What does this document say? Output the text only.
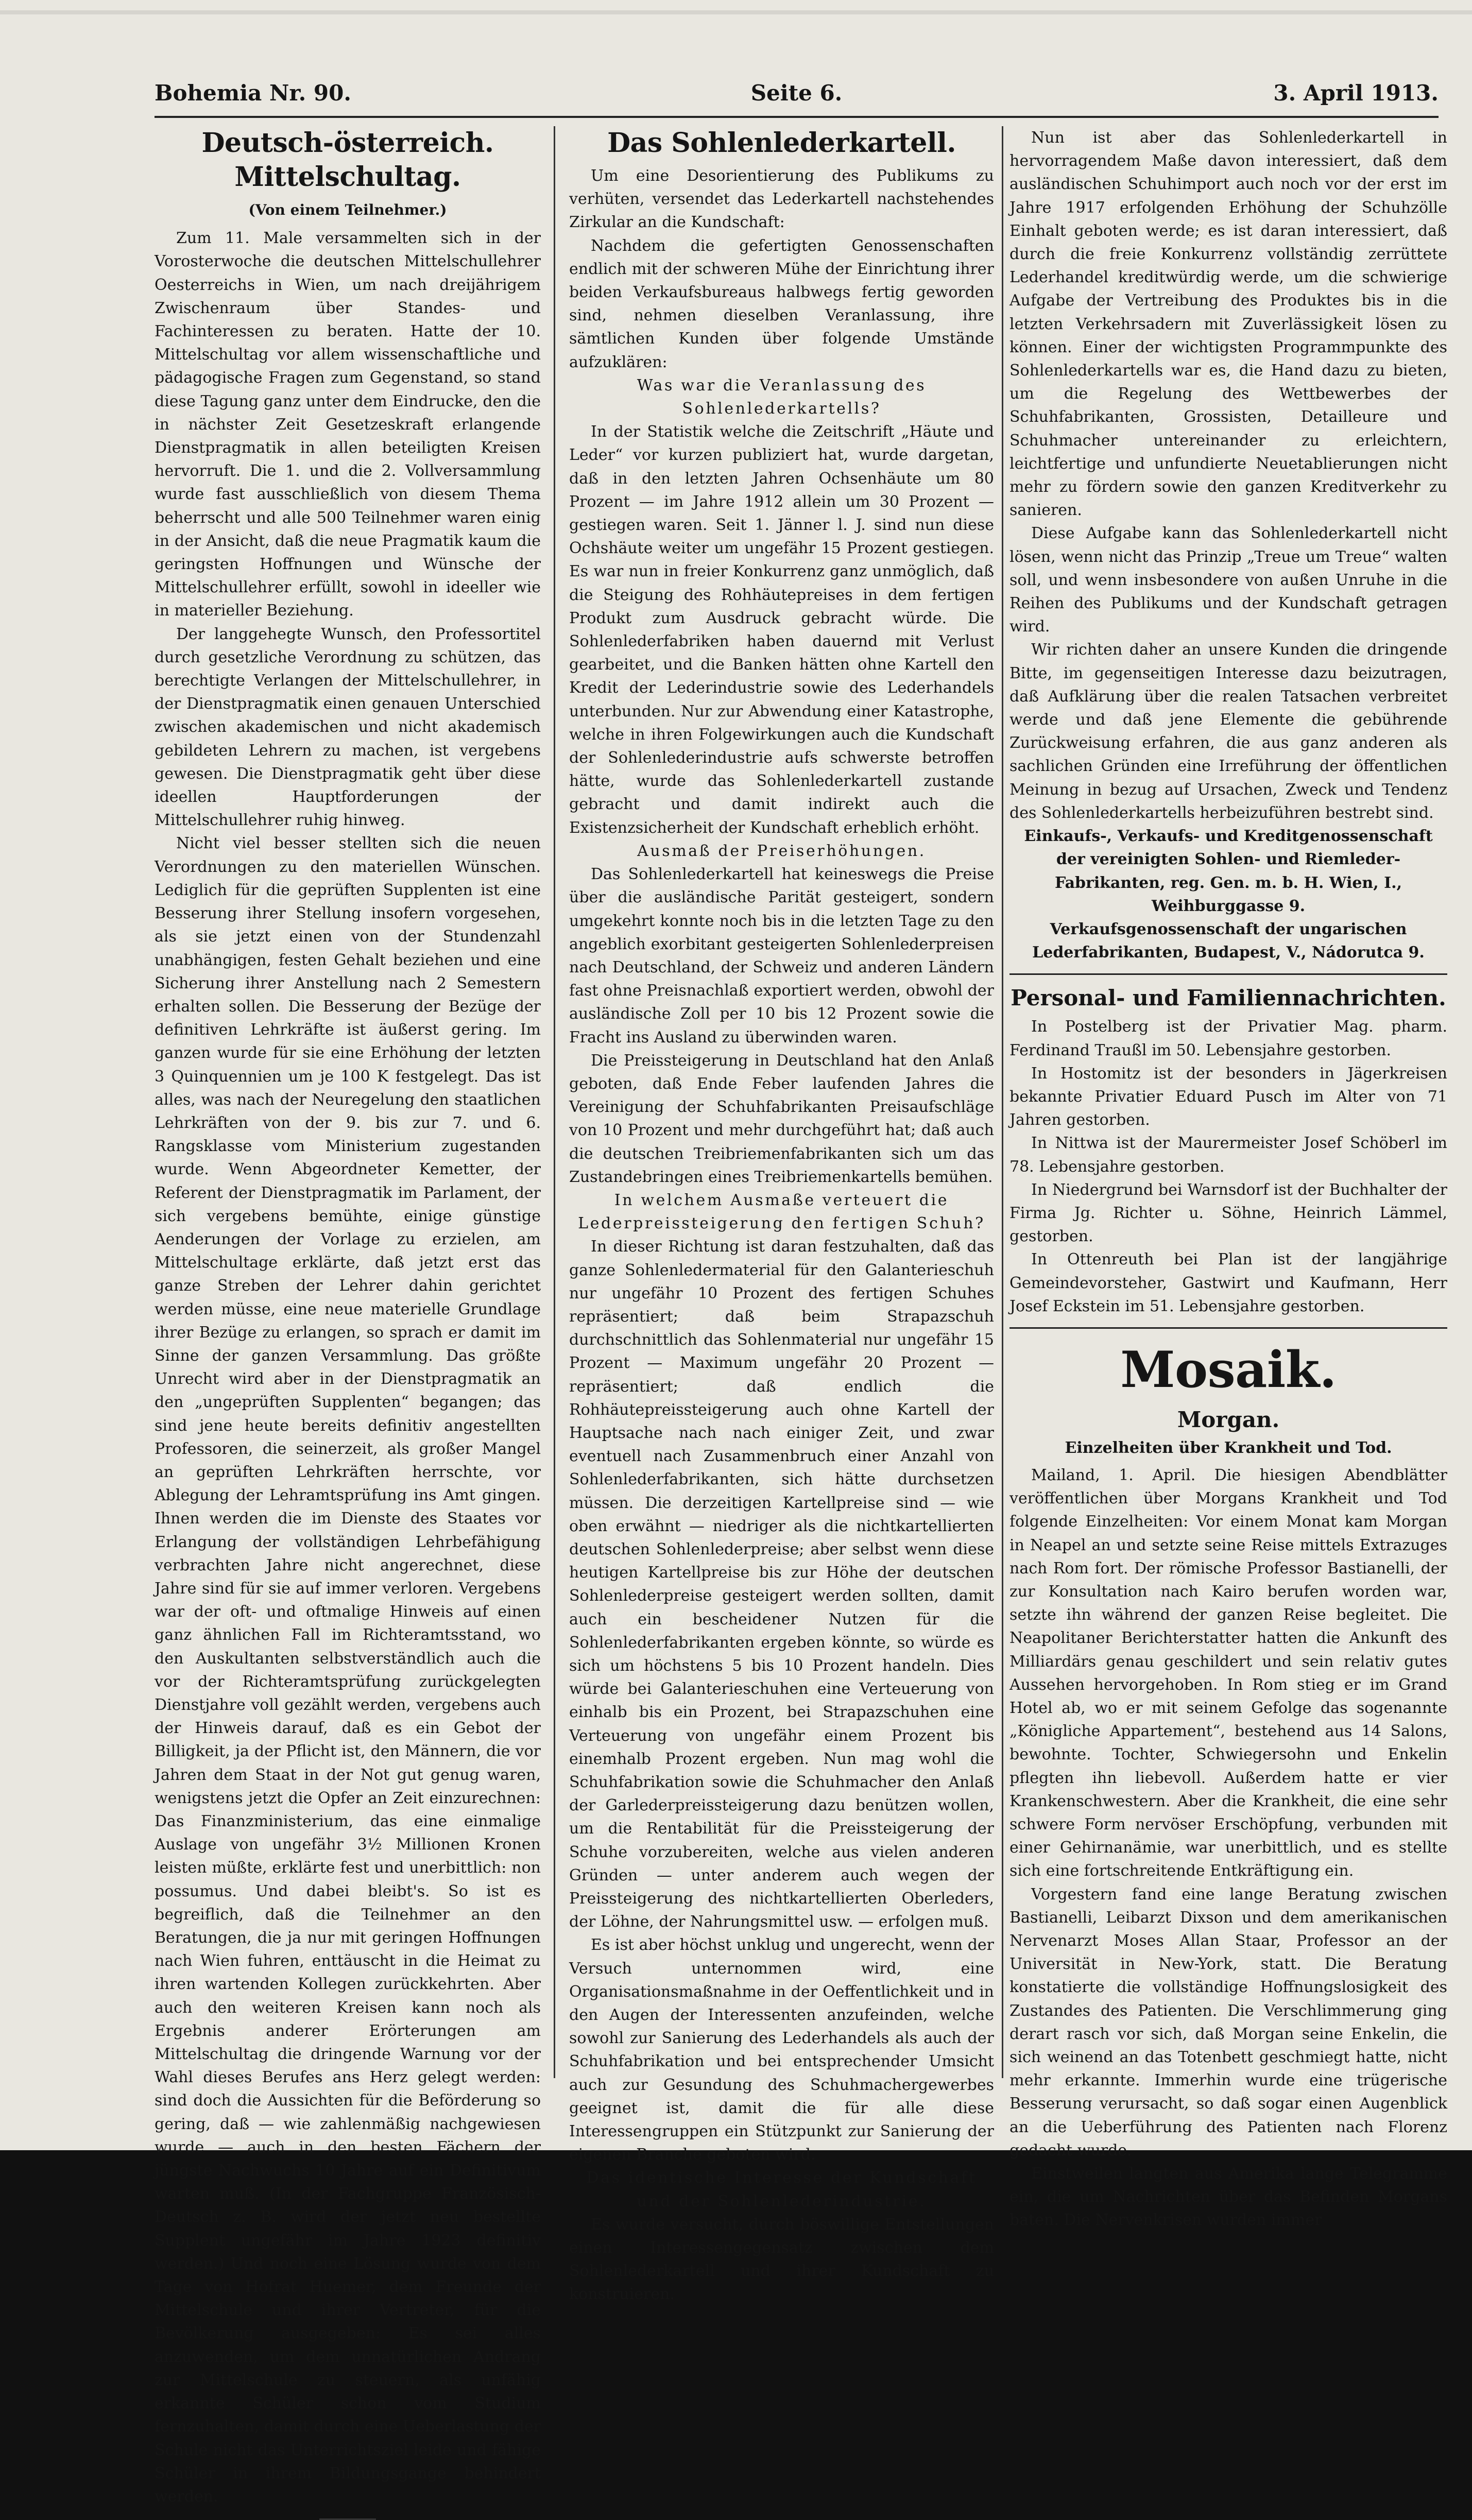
Bohemia Nr. 90.	Seite 6.	3. April 1913.
Deutsch-österreich. Mittelschultag.
(Von einem Teilnehmer.)

Zum 11. Male versammelten sich in der Vorosterwoche die deutschen Mittelschullehrer Oesterreichs in Wien, um nach dreijährigem Zwischenraum über Standes- und Fachinteressen zu beraten. Hatte der 10. Mittelschultag vor allem wissenschaftliche und pädagogische Fragen zum Gegenstand, so stand diese Tagung ganz unter dem Eindrucke, den die in nächster Zeit Gesetzeskraft erlangende Dienstpragmatik in allen beteiligten Kreisen hervorruft. Die 1. und die 2. Vollversammlung wurde fast ausschließlich von diesem Thema beherrscht und alle 500 Teilnehmer waren einig in der Ansicht, daß die neue Pragmatik kaum die geringsten Hoffnungen und Wünsche der Mittelschullehrer erfüllt, sowohl in ideeller wie in materieller Beziehung.

Der langgehegte Wunsch, den Professortitel durch gesetzliche Verordnung zu schützen, das berechtigte Verlangen der Mittelschullehrer, in der Dienstpragmatik einen genauen Unterschied zwischen akademischen und nicht akademisch gebildeten Lehrern zu machen, ist vergebens gewesen. Die Dienstpragmatik geht über diese ideellen Hauptforderungen der Mittelschullehrer ruhig hinweg.

Nicht viel besser stellten sich die neuen Verordnungen zu den materiellen Wünschen. Lediglich für die geprüften Supplenten ist eine Besserung ihrer Stellung insofern vorgesehen, als sie jetzt einen von der Stundenzahl unabhängigen, festen Gehalt beziehen und eine Sicherung ihrer Anstellung nach 2 Semestern erhalten sollen. Die Besserung der Bezüge der definitiven Lehrkräfte ist äußerst gering. Im ganzen wurde für sie eine Erhöhung der letzten 3 Quinquennien um je 100 K festgelegt. Das ist alles, was nach der Neuregelung den staatlichen Lehrkräften von der 9. bis zur 7. und 6. Rangsklasse vom Ministerium zugestanden wurde. Wenn Abgeordneter Kemetter, der Referent der Dienstpragmatik im Parlament, der sich vergebens bemühte, einige günstige Aenderungen der Vorlage zu erzielen, am Mittelschultage erklärte, daß jetzt erst das ganze Streben der Lehrer dahin gerichtet werden müsse, eine neue materielle Grundlage ihrer Bezüge zu erlangen, so sprach er damit im Sinne der ganzen Versammlung. Das größte Unrecht wird aber in der Dienstpragmatik an den „ungeprüften Supplenten“ begangen; das sind jene heute bereits definitiv angestellten Professoren, die seinerzeit, als großer Mangel an geprüften Lehrkräften herrschte, vor Ablegung der Lehramtsprüfung ins Amt gingen. Ihnen werden die im Dienste des Staates vor Erlangung der vollständigen Lehrbefähigung verbrachten Jahre nicht angerechnet, diese Jahre sind für sie auf immer verloren. Vergebens war der oft- und oftmalige Hinweis auf einen ganz ähnlichen Fall im Richteramtsstand, wo den Auskultanten selbstverständlich auch die vor der Richteramtsprüfung zurückgelegten Dienstjahre voll gezählt werden, vergebens auch der Hinweis darauf, daß es ein Gebot der Billigkeit, ja der Pflicht ist, den Männern, die vor Jahren dem Staat in der Not gut genug waren, wenigstens jetzt die Opfer an Zeit einzurechnen: Das Finanzministerium, das eine einmalige Auslage von ungefähr 3½ Millionen Kronen leisten müßte, erklärte fest und unerbittlich: non possumus. Und dabei bleibt's. So ist es begreiflich, daß die Teilnehmer an den Beratungen, die ja nur mit geringen Hoffnungen nach Wien fuhren, enttäuscht in die Heimat zu ihren wartenden Kollegen zurückkehrten. Aber auch den weiteren Kreisen kann noch als Ergebnis anderer Erörterungen am Mittelschultag die dringende Warnung vor der Wahl dieses Berufes ans Herz gelegt werden: sind doch die Aussichten für die Beförderung so gering, daß — wie zahlenmäßig nachgewiesen wurde — auch in den besten Fächern der jüngste Nachwuchs 10 Jahre auf ein Definitivum warten muß. (In der Fachgruppe Französisch-Deutsch z. B. wird der jetzt neu bestellte Supplent ungefähr im Jahre 1923 definitiv werden.) Und noch eine Lösung wurde von dem Tage von Hofrat Huemer, dem Freunde der Mittelschule und ihrer Vertreter, für die Bevölkerung ausgegeben: Es sei alles anzuwenden, um dem unnatürlichen Andrang zur Mittelschule zu steuern, als unfähig erkannte Schüler schon vom Studium fernzuhalten, damit durch eine Ueberlastung der Schule nicht das Unterrichtsziel leide und fähige Schüler in ihrem Bildungsgange behindert werden.

Das Sohlenlederkartell.

Um eine Desorientierung des Publikums zu verhüten, versendet das Lederkartell nachstehendes Zirkular an die Kundschaft:

Nachdem die gefertigten Genossenschaften endlich mit der schweren Mühe der Einrichtung ihrer beiden Verkaufsbureaus halbwegs fertig geworden sind, nehmen dieselben Veranlassung, ihre sämtlichen Kunden über folgende Umstände aufzuklären:

Was war die Veranlassung des Sohlenlederkartells?

In der Statistik welche die Zeitschrift „Häute und Leder“ vor kurzen publiziert hat, wurde dargetan, daß in den letzten Jahren Ochsenhäute um 80 Prozent — im Jahre 1912 allein um 30 Prozent — gestiegen waren. Seit 1. Jänner l. J. sind nun diese Ochshäute weiter um ungefähr 15 Prozent gestiegen. Es war nun in freier Konkurrenz ganz unmöglich, daß die Steigung des Rohhäutepreises in dem fertigen Produkt zum Ausdruck gebracht würde. Die Sohlenlederfabriken haben dauernd mit Verlust gearbeitet, und die Banken hätten ohne Kartell den Kredit der Lederindustrie sowie des Lederhandels unterbunden. Nur zur Abwendung einer Katastrophe, welche in ihren Folgewirkungen auch die Kundschaft der Sohlenlederindustrie aufs schwerste betroffen hätte, wurde das Sohlenlederkartell zustande gebracht und damit indirekt auch die Existenzsicherheit der Kundschaft erheblich erhöht.

Ausmaß der Preiserhöhungen.

Das Sohlenlederkartell hat keineswegs die Preise über die ausländische Parität gesteigert, sondern umgekehrt konnte noch bis in die letzten Tage zu den angeblich exorbitant gesteigerten Sohlenlederpreisen nach Deutschland, der Schweiz und anderen Ländern fast ohne Preisnachlaß exportiert werden, obwohl der ausländische Zoll per 10 bis 12 Prozent sowie die Fracht ins Ausland zu überwinden waren.

Die Preissteigerung in Deutschland hat den Anlaß geboten, daß Ende Feber laufenden Jahres die Vereinigung der Schuhfabrikanten Preisaufschläge von 10 Prozent und mehr durchgeführt hat; daß auch die deutschen Treibriemenfabrikanten sich um das Zustandebringen eines Treibriemenkartells bemühen.

In welchem Ausmaße verteuert die Lederpreissteigerung den fertigen Schuh?

In dieser Richtung ist daran festzuhalten, daß das ganze Sohlenledermaterial für den Galanterieschuh nur ungefähr 10 Prozent des fertigen Schuhes repräsentiert; daß beim Strapazschuh durchschnittlich das Sohlenmaterial nur ungefähr 15 Prozent — Maximum ungefähr 20 Prozent — repräsentiert; daß endlich die Rohhäutepreissteigerung auch ohne Kartell der Hauptsache nach nach einiger Zeit, und zwar eventuell nach Zusammenbruch einer Anzahl von Sohlenlederfabrikanten, sich hätte durchsetzen müssen. Die derzeitigen Kartellpreise sind — wie oben erwähnt — niedriger als die nichtkartellierten deutschen Sohlenlederpreise; aber selbst wenn diese heutigen Kartellpreise bis zur Höhe der deutschen Sohlenlederpreise gesteigert werden sollten, damit auch ein bescheidener Nutzen für die Sohlenlederfabrikanten ergeben könnte, so würde es sich um höchstens 5 bis 10 Prozent handeln. Dies würde bei Galanterieschuhen eine Verteuerung von einhalb bis ein Prozent, bei Strapazschuhen eine Verteuerung von ungefähr einem Prozent bis einemhalb Prozent ergeben. Nun mag wohl die Schuhfabrikation sowie die Schuhmacher den Anlaß der Garlederpreissteigerung dazu benützen wollen, um die Rentabilität für die Preissteigerung der Schuhe vorzubereiten, welche aus vielen anderen Gründen — unter anderem auch wegen der Preissteigerung des nichtkartellierten Oberleders, der Löhne, der Nahrungsmittel usw. — erfolgen muß.

Es ist aber höchst unklug und ungerecht, wenn der Versuch unternommen wird, eine Organisationsmaßnahme in der Oeffentlichkeit und in den Augen der Interessenten anzufeinden, welche sowohl zur Sanierung des Lederhandels als auch der Schuhfabrikation und bei entsprechender Umsicht auch zur Gesundung des Schuhmachergewerbes geeignet ist, damit die für alle diese Interessengruppen ein Stützpunkt zur Sanierung der eigenen Branche geboten wird.

Das identische Interesse der Kundschaft und der Sohlenlederindustrie.

Es wurde versucht, durch böswillige Entstellungen einen Interessengegensatz zwischen dem Sohlenlederkartell und ihrer Kundschaft zu konstruieren.

Nun ist aber das Sohlenlederkartell in hervorragendem Maße davon interessiert, daß dem ausländischen Schuhimport auch noch vor der erst im Jahre 1917 erfolgenden Erhöhung der Schuhzölle Einhalt geboten werde; es ist daran interessiert, daß durch die freie Konkurrenz vollständig zerrüttete Lederhandel kreditwürdig werde, um die schwierige Aufgabe der Vertreibung des Produktes bis in die letzten Verkehrsadern mit Zuverlässigkeit lösen zu können. Einer der wichtigsten Programmpunkte des Sohlenlederkartells war es, die Hand dazu zu bieten, um die Regelung des Wettbewerbes der Schuhfabrikanten, Grossisten, Detailleure und Schuhmacher untereinander zu erleichtern, leichtfertige und unfundierte Neuetablierungen nicht mehr zu fördern sowie den ganzen Kreditverkehr zu sanieren.

Diese Aufgabe kann das Sohlenlederkartell nicht lösen, wenn nicht das Prinzip „Treue um Treue“ walten soll, und wenn insbesondere von außen Unruhe in die Reihen des Publikums und der Kundschaft getragen wird.

Wir richten daher an unsere Kunden die dringende Bitte, im gegenseitigen Interesse dazu beizutragen, daß Aufklärung über die realen Tatsachen verbreitet werde und daß jene Elemente die gebührende Zurückweisung erfahren, die aus ganz anderen als sachlichen Gründen eine Irreführung der öffentlichen Meinung in bezug auf Ursachen, Zweck und Tendenz des Sohlenlederkartells herbeizuführen bestrebt sind.

Einkaufs-, Verkaufs- und Kreditgenossenschaft der vereinigten Sohlen- und Riemleder-Fabrikanten, reg. Gen. m. b. H. Wien, I., Weihburggasse 9.

Verkaufsgenossenschaft der ungarischen Lederfabrikanten, Budapest, V., Nádorutca 9.

Personal- und Familiennachrichten.

In Postelberg ist der Privatier Mag. pharm. Ferdinand Traußl im 50. Lebensjahre gestorben.

In Hostomitz ist der besonders in Jägerkreisen bekannte Privatier Eduard Pusch im Alter von 71 Jahren gestorben.

In Nittwa ist der Maurermeister Josef Schöberl im 78. Lebensjahre gestorben.

In Niedergrund bei Warnsdorf ist der Buchhalter der Firma Jg. Richter u. Söhne, Heinrich Lämmel, gestorben.

In Ottenreuth bei Plan ist der langjährige Gemeindevorsteher, Gastwirt und Kaufmann, Herr Josef Eckstein im 51. Lebensjahre gestorben.

Mosaik.
Morgan.
Einzelheiten über Krankheit und Tod.

Mailand, 1. April. Die hiesigen Abendblätter veröffentlichen über Morgans Krankheit und Tod folgende Einzelheiten: Vor einem Monat kam Morgan in Neapel an und setzte seine Reise mittels Extrazuges nach Rom fort. Der römische Professor Bastianelli, der zur Konsultation nach Kairo berufen worden war, setzte ihn während der ganzen Reise begleitet. Die Neapolitaner Berichterstatter hatten die Ankunft des Milliardärs genau geschildert und sein relativ gutes Aussehen hervorgehoben. In Rom stieg er im Grand Hotel ab, wo er mit seinem Gefolge das sogenannte „Königliche Appartement“, bestehend aus 14 Salons, bewohnte. Tochter, Schwiegersohn und Enkelin pflegten ihn liebevoll. Außerdem hatte er vier Krankenschwestern. Aber die Krankheit, die eine sehr schwere Form nervöser Erschöpfung, verbunden mit einer Gehirnanämie, war unerbittlich, und es stellte sich eine fortschreitende Entkräftigung ein.

Vorgestern fand eine lange Beratung zwischen Bastianelli, Leibarzt Dixson und dem amerikanischen Nervenarzt Moses Allan Staar, Professor an der Universität in New-York, statt. Die Beratung konstatierte die vollständige Hoffnungslosigkeit des Zustandes des Patienten. Die Verschlimmerung ging derart rasch vor sich, daß Morgan seine Enkelin, die sich weinend an das Totenbett geschmiegt hatte, nicht mehr erkannte. Immerhin wurde eine trügerische Besserung verursacht, so daß sogar einen Augenblick an die Ueberführung des Patienten nach Florenz gedacht wurde.

Einstweilen langten aus Amerika lange Telegramme ein, die um Nachrichten über das Befinden Morgans baten. Die Nervenkrisen wurden immer
